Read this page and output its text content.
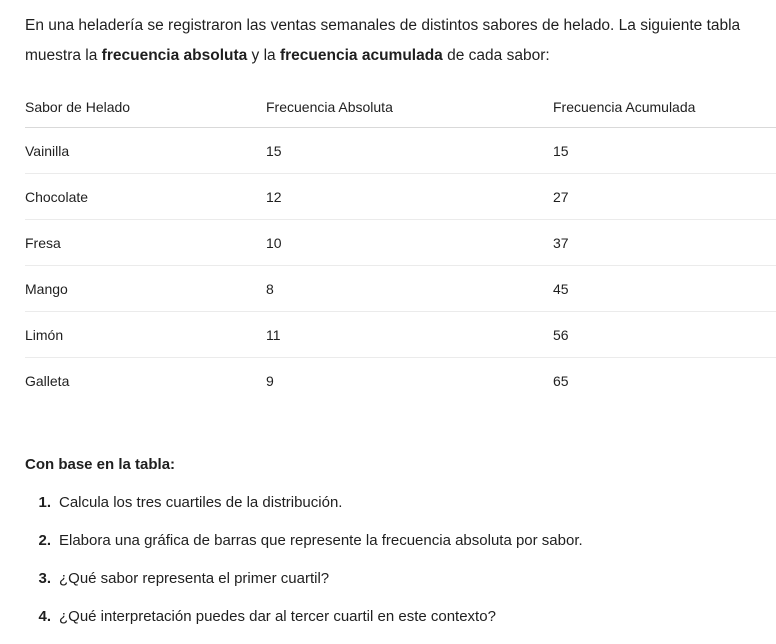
En una heladería se registraron las ventas semanales de distintos sabores de helado. La siguiente tabla muestra la frecuencia absoluta y la frecuencia acumulada de cada sabor:

Sabor de Helado	Frecuencia Absoluta	Frecuencia Acumulada
Vainilla	15	15
Chocolate	12	27
Fresa	10	37
Mango	8	45
Limón	11	56
Galleta	9	65

Con base en la tabla:

1. Calcula los tres cuartiles de la distribución.
2. Elabora una gráfica de barras que represente la frecuencia absoluta por sabor.
3. ¿Qué sabor representa el primer cuartil?
4. ¿Qué interpretación puedes dar al tercer cuartil en este contexto?
